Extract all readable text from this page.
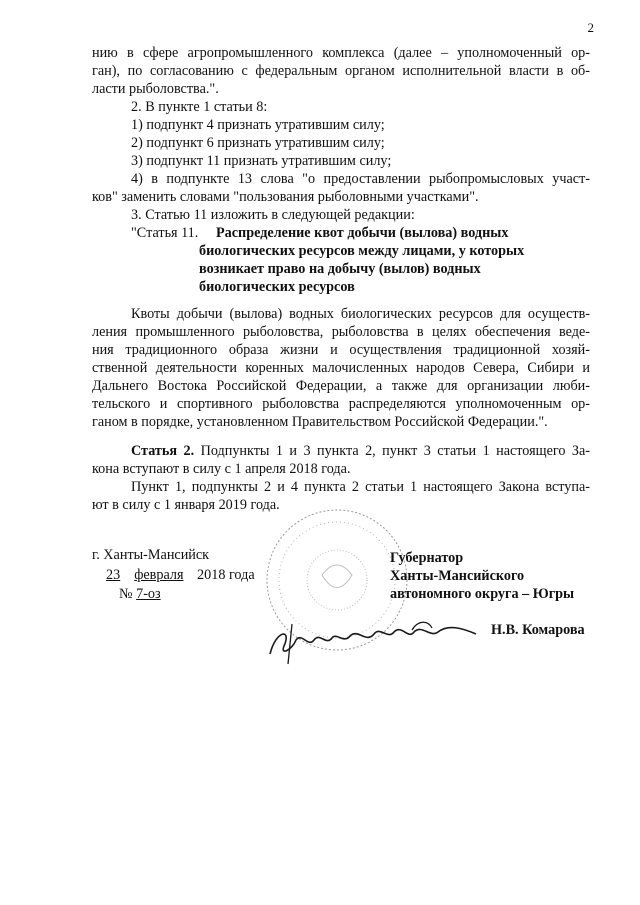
2
нию в сфере агропромышленного комплекса (далее – уполномоченный ор-
ган), по согласованию с федеральным органом исполнительной власти в об-
ласти рыболовства.".
2. В пункте 1 статьи 8:
1) подпункт 4 признать утратившим силу;
2) подпункт 6 признать утратившим силу;
3) подпункт 11 признать утратившим силу;
4) в подпункте 13 слова "о предоставлении рыбопромысловых участ-
ков" заменить словами "пользования рыболовными участками".
3. Статью 11 изложить в следующей редакции:
"Статья 11. Распределение квот добычи (вылова) водных
биологических ресурсов между лицами, у которых
возникает право на добычу (вылов) водных
биологических ресурсов
Квоты добычи (вылова) водных биологических ресурсов для осуществ-
ления промышленного рыболовства, рыболовства в целях обеспечения веде-
ния традиционного образа жизни и осуществления традиционной хозяй-
ственной деятельности коренных малочисленных народов Севера, Сибири и
Дальнего Востока Российской Федерации, а также для организации люби-
тельского и спортивного рыболовства распределяются уполномоченным ор-
ганом в порядке, установленном Правительством Российской Федерации.".
Статья 2. Подпункты 1 и 3 пункта 2, пункт 3 статьи 1 настоящего За-
кона вступают в силу с 1 апреля 2018 года.
Пункт 1, подпункты 2 и 4 пункта 2 статьи 1 настоящего Закона вступа-
ют в силу с 1 января 2019 года.
г. Ханты-Мансийск
23 февраля 2018 года
№ 7-оз
Губернатор
Ханты-Мансийского
автономного округа – Югры
Н.В. Комарова
